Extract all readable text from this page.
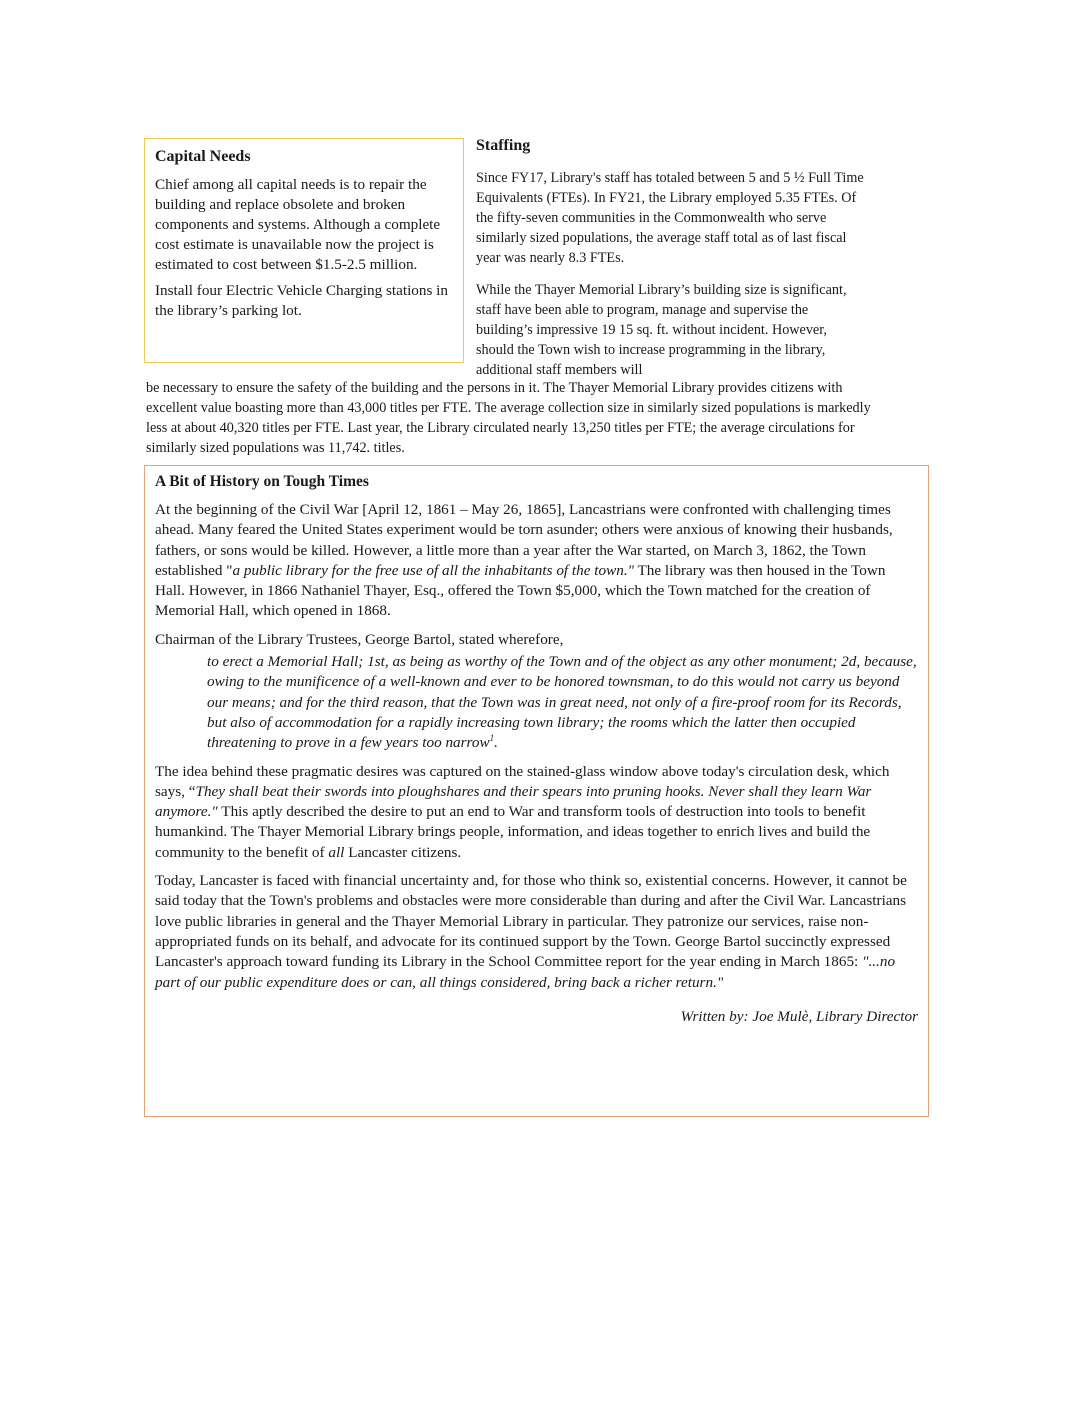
Capital Needs

Chief among all capital needs is to repair the building and replace obsolete and broken components and systems. Although a complete cost estimate is unavailable now the project is estimated to cost between $1.5-2.5 million.

Install four Electric Vehicle Charging stations in the library’s parking lot.

Staffing

Since FY17, Library's staff has totaled between 5 and 5 ½ Full Time Equivalents (FTEs). In FY21, the Library employed 5.35 FTEs. Of the fifty-seven communities in the Commonwealth who serve similarly sized populations, the average staff total as of last fiscal year was nearly 8.3 FTEs.

While the Thayer Memorial Library’s building size is significant, staff have been able to program, manage and supervise the building’s impressive 19 15 sq. ft. without incident. However, should the Town wish to increase programming in the library, additional staff members will

be necessary to ensure the safety of the building and the persons in it. The Thayer Memorial Library provides citizens with excellent value boasting more than 43,000 titles per FTE. The average collection size in similarly sized populations is markedly less at about 40,320 titles per FTE. Last year, the Library circulated nearly 13,250 titles per FTE; the average circulations for similarly sized populations was 11,742. titles.

A Bit of History on Tough Times

At the beginning of the Civil War [April 12, 1861 – May 26, 1865], Lancastrians were confronted with challenging times ahead. Many feared the United States experiment would be torn asunder; others were anxious of knowing their husbands, fathers, or sons would be killed. However, a little more than a year after the War started, on March 3, 1862, the Town established "a public library for the free use of all the inhabitants of the town." The library was then housed in the Town Hall. However, in 1866 Nathaniel Thayer, Esq., offered the Town $5,000, which the Town matched for the creation of Memorial Hall, which opened in 1868.

Chairman of the Library Trustees, George Bartol, stated wherefore,

to erect a Memorial Hall; 1st, as being as worthy of the Town and of the object as any other monument; 2d, because, owing to the munificence of a well-known and ever to be honored townsman, to do this would not carry us beyond our means; and for the third reason, that the Town was in great need, not only of a fire-proof room for its Records, but also of accommodation for a rapidly increasing town library; the rooms which the latter then occupied threatening to prove in a few years too narrow$^1$.

The idea behind these pragmatic desires was captured on the stained-glass window above today's circulation desk, which says, “They shall beat their swords into ploughshares and their spears into pruning hooks. Never shall they learn War anymore." This aptly described the desire to put an end to War and transform tools of destruction into tools to benefit humankind. The Thayer Memorial Library brings people, information, and ideas together to enrich lives and build the community to the benefit of all Lancaster citizens.

Today, Lancaster is faced with financial uncertainty and, for those who think so, existential concerns. However, it cannot be said today that the Town's problems and obstacles were more considerable than during and after the Civil War. Lancastrians love public libraries in general and the Thayer Memorial Library in particular. They patronize our services, raise non-appropriated funds on its behalf, and advocate for its continued support by the Town. George Bartol succinctly expressed Lancaster's approach toward funding its Library in the School Committee report for the year ending in March 1865: "...no part of our public expenditure does or can, all things considered, bring back a richer return."

Written by: Joe Mulè, Library Director
